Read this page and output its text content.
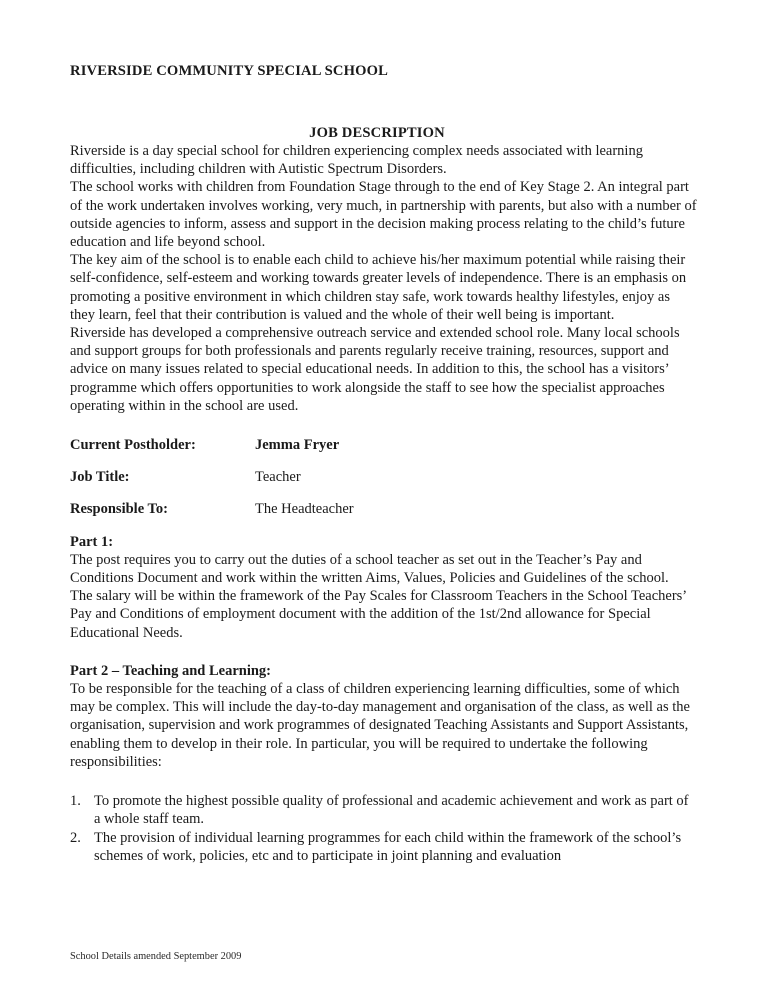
RIVERSIDE COMMUNITY SPECIAL SCHOOL
JOB DESCRIPTION

Riverside is a day special school for children experiencing complex needs associated with learning difficulties, including children with Autistic Spectrum Disorders.

The school works with children from Foundation Stage through to the end of Key Stage 2. An integral part of the work undertaken involves working, very much, in partnership with parents, but also with a number of outside agencies to inform, assess and support in the decision making process relating to the child’s future education and life beyond school.

The key aim of the school is to enable each child to achieve his/her maximum potential while raising their self-confidence, self-esteem and working towards greater levels of independence. There is an emphasis on promoting a positive environment in which children stay safe, work towards healthy lifestyles, enjoy as they learn, feel that their contribution is valued and the whole of their well being is important.

Riverside has developed a comprehensive outreach service and extended school role. Many local schools and support groups for both professionals and parents regularly receive training, resources, support and advice on many issues related to special educational needs. In addition to this, the school has a visitors’ programme which offers opportunities to work alongside the staff to see how the specialist approaches operating within in the school are used.

Current Postholder:	Jemma Fryer
Job Title:	Teacher
Responsible To:	The Headteacher
Part 1:

The post requires you to carry out the duties of a school teacher as set out in the Teacher’s Pay and Conditions Document and work within the written Aims, Values, Policies and Guidelines of the school.

The salary will be within the framework of the Pay Scales for Classroom Teachers in the School Teachers’ Pay and Conditions of employment document with the addition of the 1st/2nd allowance for Special Educational Needs.

Part 2 – Teaching and Learning:

To be responsible for the teaching of a class of children experiencing learning difficulties, some of which may be complex. This will include the day-to-day management and organisation of the class, as well as the organisation, supervision and work programmes of designated Teaching Assistants and Support Assistants, enabling them to develop in their role. In particular, you will be required to undertake the following responsibilities:

1. To promote the highest possible quality of professional and academic achievement and work as part of a whole staff team.
2. The provision of individual learning programmes for each child within the framework of the school’s schemes of work, policies, etc and to participate in joint planning and evaluation
School Details amended September 2009
